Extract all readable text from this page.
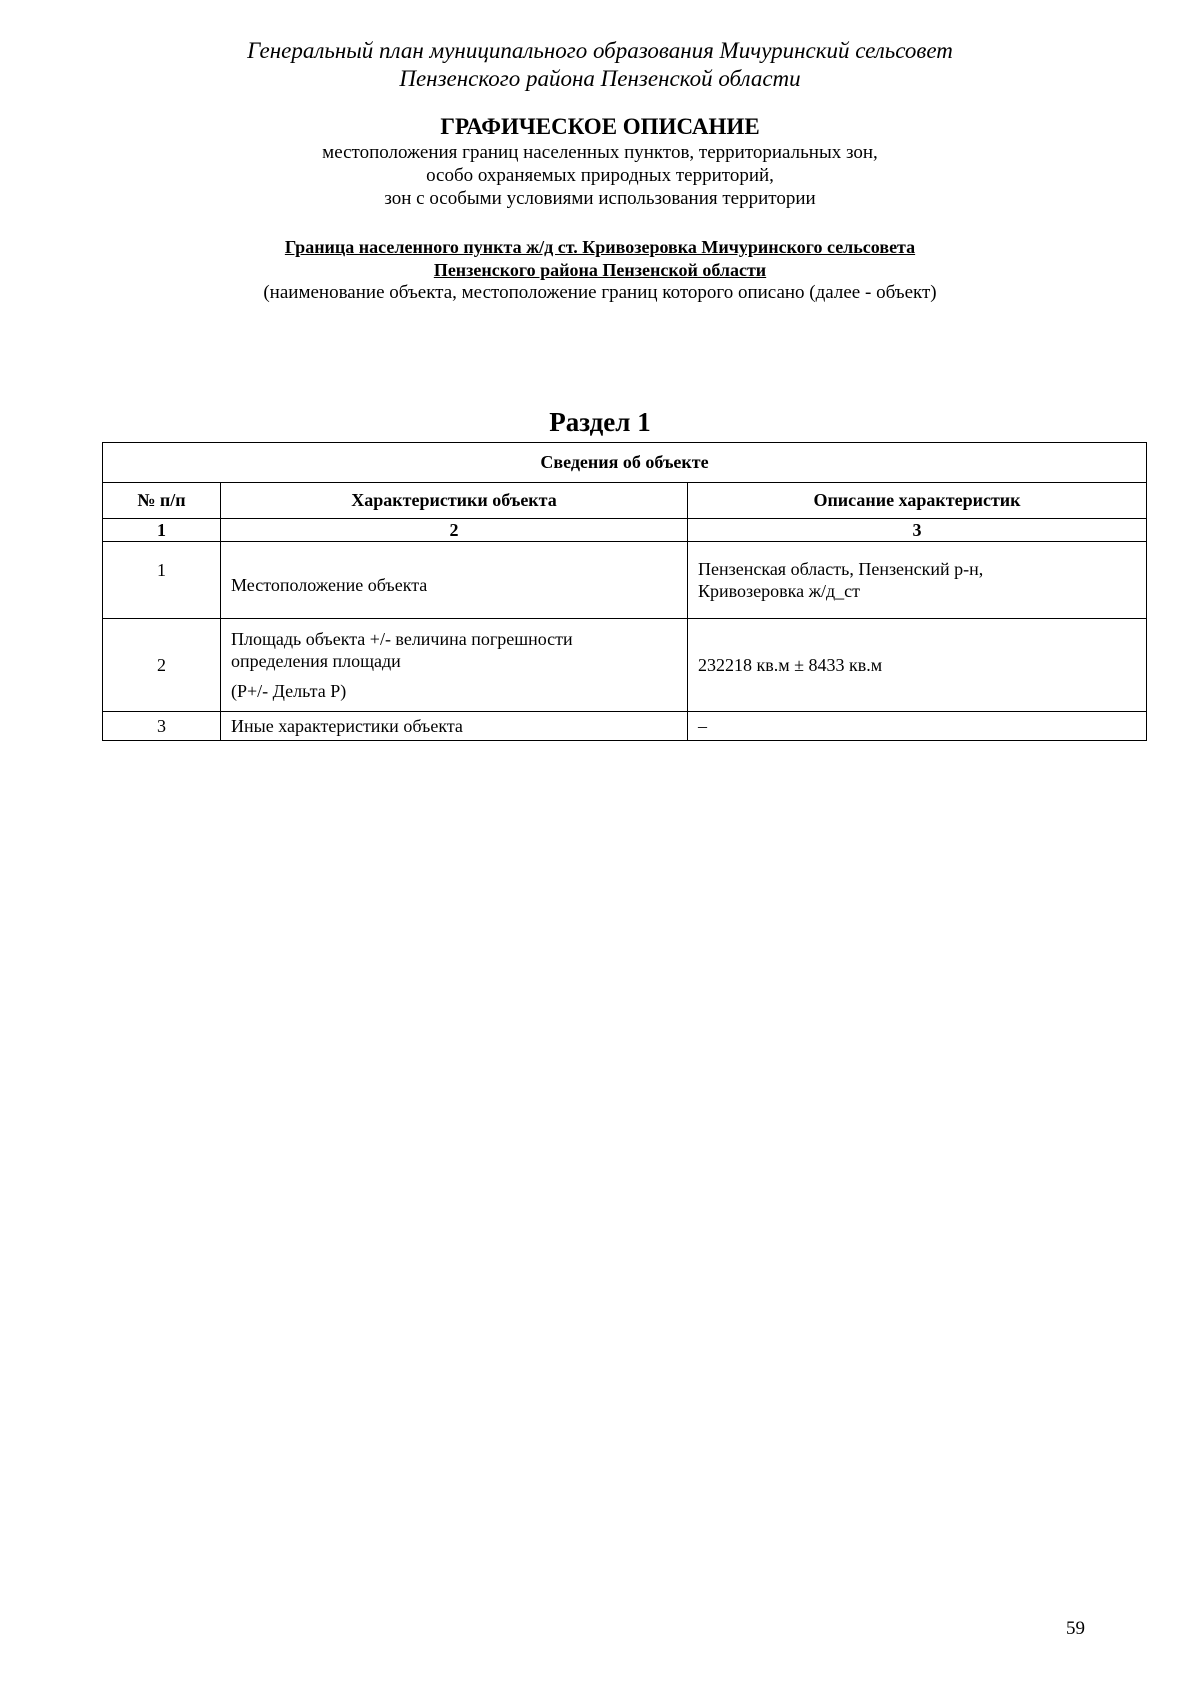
Генеральный план муниципального образования Мичуринский сельсовет
Пензенского района Пензенской области
ГРАФИЧЕСКОЕ ОПИСАНИЕ
местоположения границ населенных пунктов, территориальных зон,
особо охраняемых природных территорий,
зон с особыми условиями использования территории
Граница населенного пункта ж/д ст. Кривозеровка Мичуринского сельсовета
Пензенского района Пензенской области
(наименование объекта, местоположение границ которого описано (далее - объект)
Раздел 1
Сведения об объекте		
№ п/п	Характеристики объекта	Описание характеристик
1	2	3
1	Местоположение объекта	Пензенская область, Пензенский р-н,
Кривозеровка ж/д_ст

2	Площадь объекта +/- величина погрешности
определения площади
(Р+/- Дельта Р)	232218 кв.м ± 8433 кв.м

3	Иные характеристики объекта	–
59
